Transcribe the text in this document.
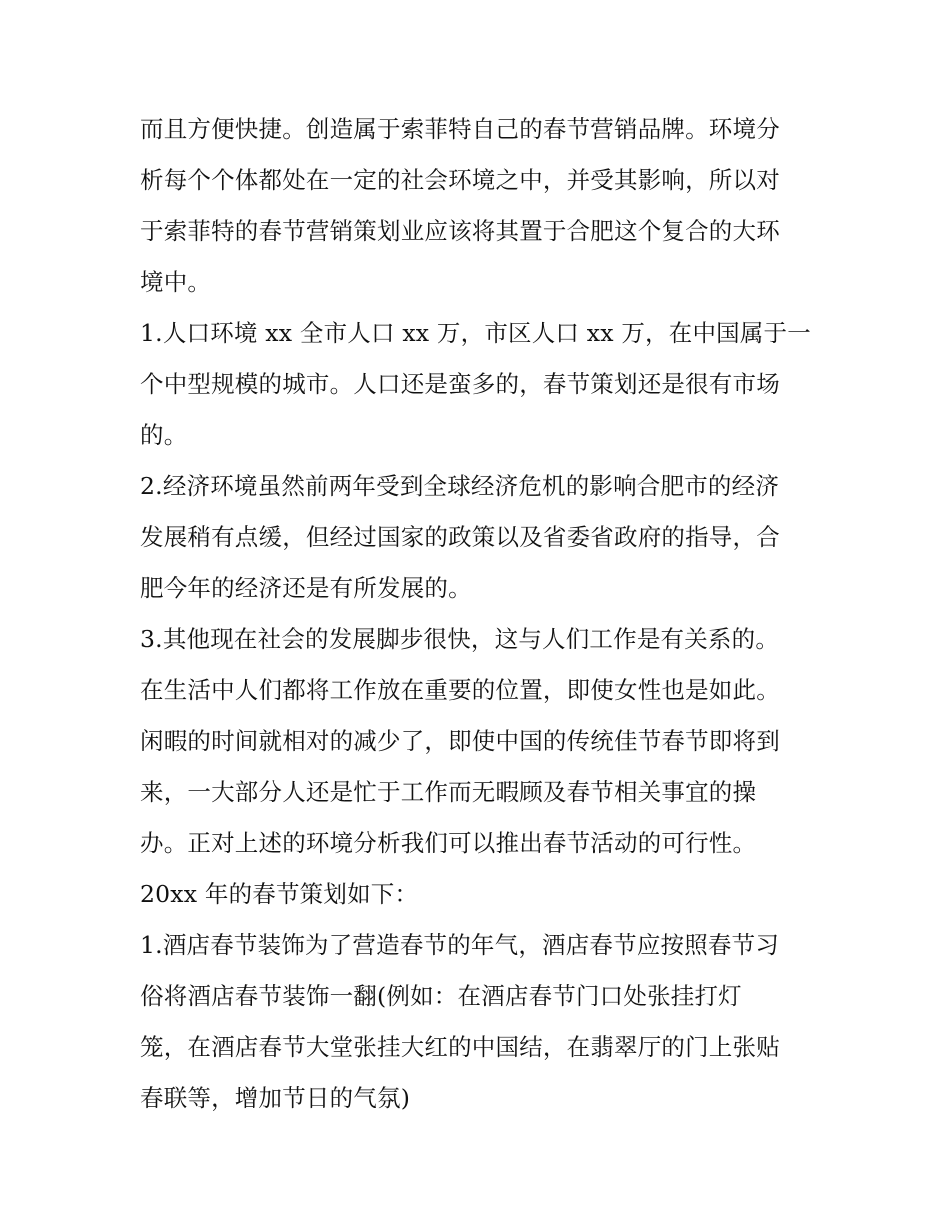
而且方便快捷。创造属于索菲特自己的春节营销品牌。环境分
析每个个体都处在一定的社会环境之中，并受其影响，所以对
于索菲特的春节营销策划业应该将其置于合肥这个复合的大环
境中。
1.人口环境 xx 全市人口 xx 万，市区人口 xx 万，在中国属于一
个中型规模的城市。人口还是蛮多的，春节策划还是很有市场
的。
2.经济环境虽然前两年受到全球经济危机的影响合肥市的经济
发展稍有点缓，但经过国家的政策以及省委省政府的指导，合
肥今年的经济还是有所发展的。
3.其他现在社会的发展脚步很快，这与人们工作是有关系的。
在生活中人们都将工作放在重要的位置，即使女性也是如此。
闲暇的时间就相对的减少了，即使中国的传统佳节春节即将到
来，一大部分人还是忙于工作而无暇顾及春节相关事宜的操
办。正对上述的环境分析我们可以推出春节活动的可行性。
20xx 年的春节策划如下：
1.酒店春节装饰为了营造春节的年气，酒店春节应按照春节习
俗将酒店春节装饰一翻(例如：在酒店春节门口处张挂打灯
笼，在酒店春节大堂张挂大红的中国结，在翡翠厅的门上张贴
春联等，增加节日的气氛)
